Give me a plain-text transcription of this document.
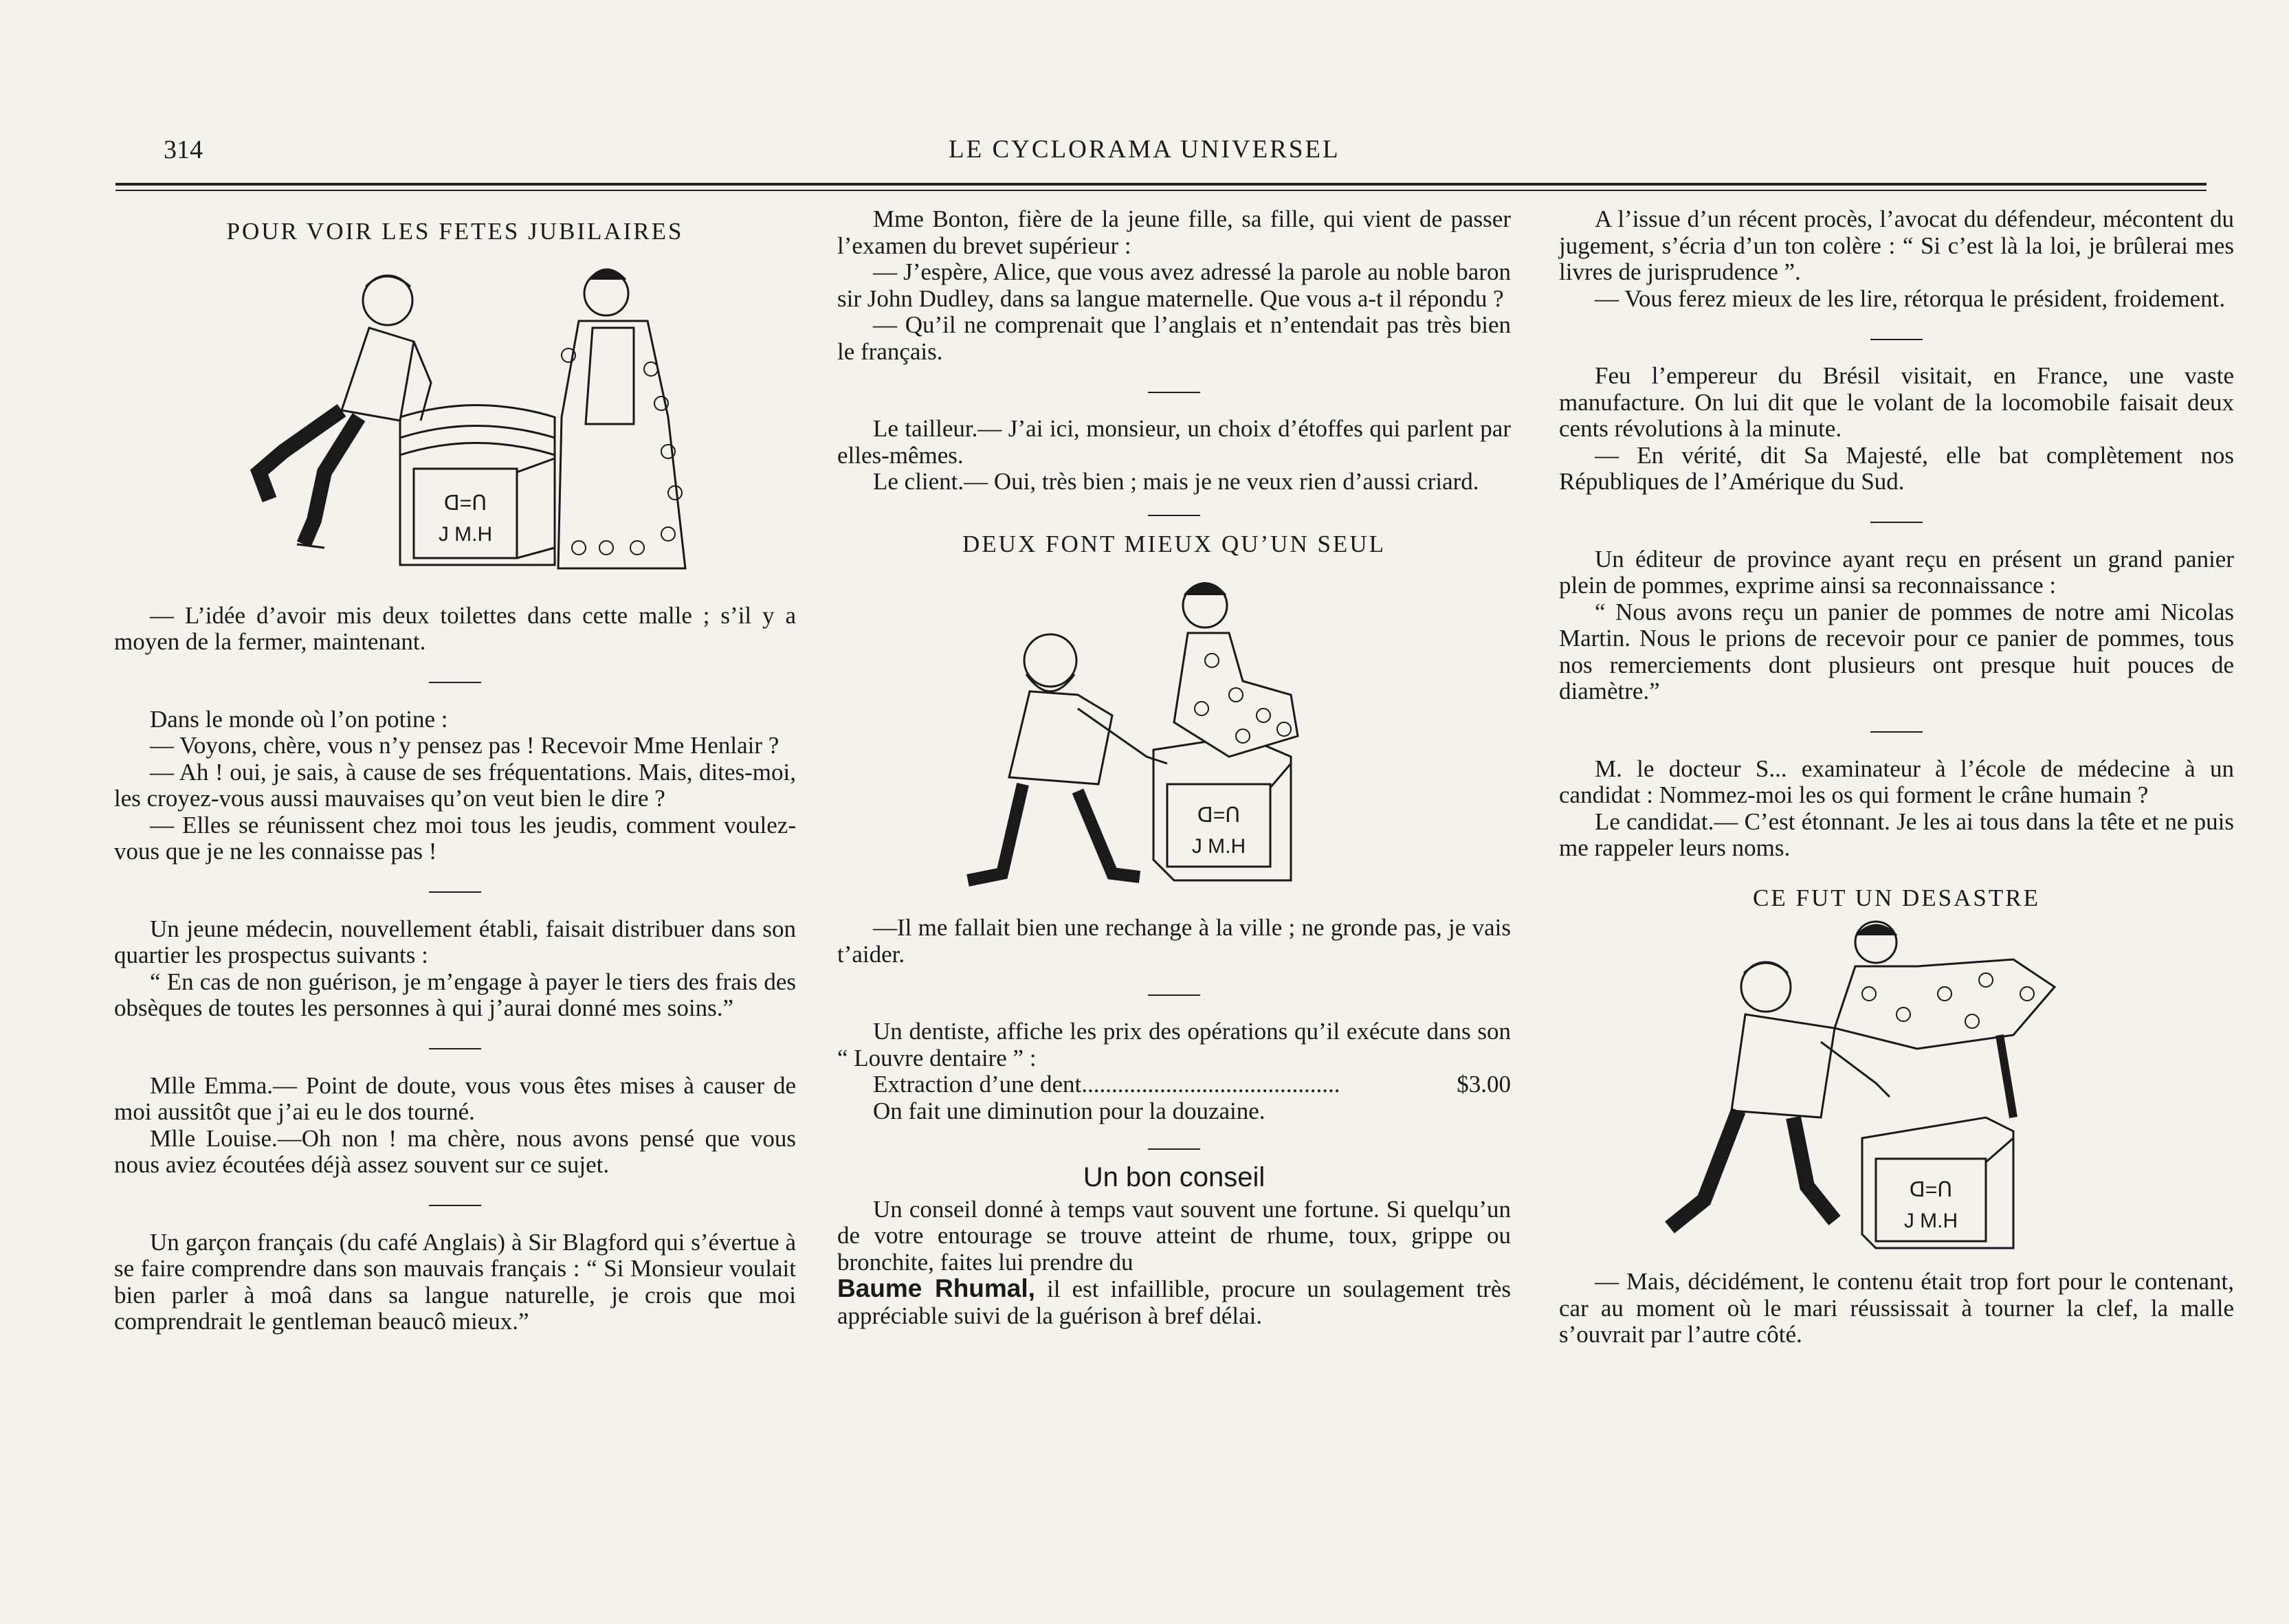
314	LE CYCLORAMA UNIVERSEL
POUR VOIR LES FETES JUBILAIRES
ᗡ=ᑎ
J M.H

— L’idée d’avoir mis deux toilettes dans cette malle ; s’il y a moyen de la fermer, maintenant.

Dans le monde où l’on potine :

— Voyons, chère, vous n’y pensez pas ! Recevoir Mme Henlair ?

— Ah ! oui, je sais, à cause de ses fréquentations. Mais, dites-moi, les croyez-vous aussi mauvaises qu’on veut bien le dire ?

— Elles se réunissent chez moi tous les jeudis, comment voulez-vous que je ne les connaisse pas !

Un jeune médecin, nouvellement établi, faisait distribuer dans son quartier les prospectus suivants :

“ En cas de non guérison, je m’engage à payer le tiers des frais des obsèques de toutes les personnes à qui j’aurai donné mes soins.”

Mlle Emma.— Point de doute, vous vous êtes mises à causer de moi aussitôt que j’ai eu le dos tourné.

Mlle Louise.—Oh non ! ma chère, nous avons pensé que vous nous aviez écoutées déjà assez souvent sur ce sujet.

Un garçon français (du café Anglais) à Sir Blagford qui s’évertue à se faire comprendre dans son mauvais français : “ Si Monsieur voulait bien parler à moâ dans sa langue naturelle, je crois que moi comprendrait le gentleman beaucô mieux.”

Mme Bonton, fière de la jeune fille, sa fille, qui vient de passer l’examen du brevet supérieur :

— J’espère, Alice, que vous avez adressé la parole au noble baron sir John Dudley, dans sa langue maternelle. Que vous a-t il répondu ?

— Qu’il ne comprenait que l’anglais et n’entendait pas très bien le français.

Le tailleur.— J’ai ici, monsieur, un choix d’étoffes qui parlent par elles-mêmes.

Le client.— Oui, très bien ; mais je ne veux rien d’aussi criard.

DEUX FONT MIEUX QU’UN SEUL
ᗡ=ᑎ
J M.H

—Il me fallait bien une rechange à la ville ; ne gronde pas, je vais t’aider.

Un dentiste, affiche les prix des opérations qu’il exécute dans son “ Louvre dentaire ” :

Extraction d’une dent ...........................................	$3.00

On fait une diminution pour la douzaine.

Un bon conseil

Un conseil donné à temps vaut souvent une fortune. Si quelqu’un de votre entourage se trouve atteint de rhume, toux, grippe ou bronchite, faites lui prendre du
Baume Rhumal, il est infaillible, procure un soulagement très appréciable suivi de la guérison à bref délai.

A l’issue d’un récent procès, l’avocat du défendeur, mécontent du jugement, s’écria d’un ton colère : “ Si c’est là la loi, je brûlerai mes livres de jurisprudence ”.

— Vous ferez mieux de les lire, rétorqua le président, froidement.

Feu l’empereur du Brésil visitait, en France, une vaste manufacture. On lui dit que le volant de la locomobile faisait deux cents révolutions à la minute.

— En vérité, dit Sa Majesté, elle bat complètement nos Républiques de l’Amérique du Sud.

Un éditeur de province ayant reçu en présent un grand panier plein de pommes, exprime ainsi sa reconnaissance :

“ Nous avons reçu un panier de pommes de notre ami Nicolas Martin. Nous le prions de recevoir pour ce panier de pommes, tous nos remerciements dont plusieurs ont presque huit pouces de diamètre.”

M. le docteur S... examinateur à l’école de médecine à un candidat : Nommez-moi les os qui forment le crâne humain ?

Le candidat.— C’est étonnant. Je les ai tous dans la tête et ne puis me rappeler leurs noms.

CE FUT UN DESASTRE
ᗡ=ᑎ
J M.H

— Mais, décidément, le contenu était trop fort pour le contenant, car au moment où le mari réussissait à tourner la clef, la malle s’ouvrait par l’autre côté.
